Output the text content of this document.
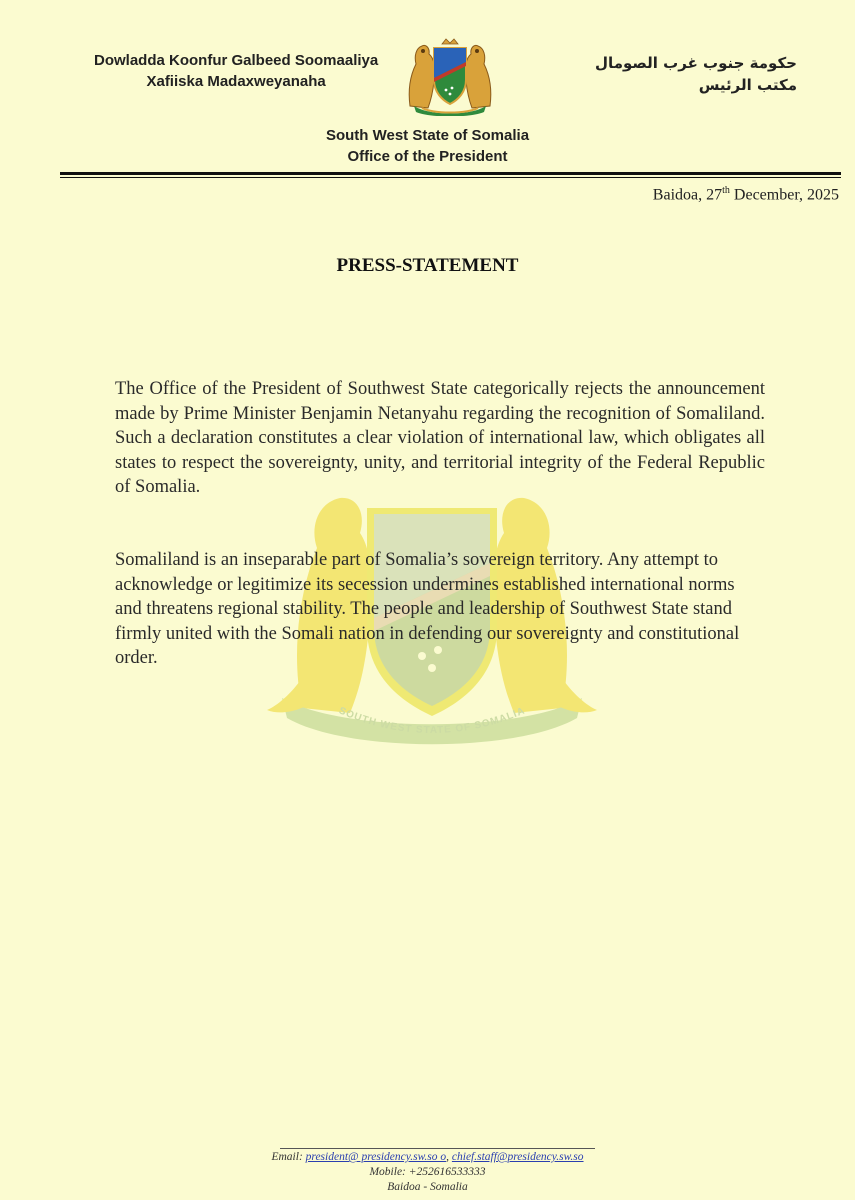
Dowladda Koonfur Galbeed Soomaaliya
Xafiiska Madaxweyanaha
حكومة جنوب غرب الصومال
مكتب الرئيس
South West State of Somalia
Office of the President
Baidoa, 27th December, 2025
SOUTH WEST STATE OF SOMALIA
PRESS-STATEMENT

The Office of the President of Southwest State categorically rejects the announcement made by Prime Minister Benjamin Netanyahu regarding the recognition of Somaliland. Such a declaration constitutes a clear violation of international law, which obligates all states to respect the sovereignty, unity, and territorial integrity of the Federal Republic of Somalia.

Somaliland is an inseparable part of Somalia’s sovereign territory. Any attempt to acknowledge or legitimize its secession undermines established international norms and threatens regional stability. The people and leadership of Southwest State stand firmly united with the Somali nation in defending our sovereignty and constitutional order.

Email: president@ presidency.sw.so o, chief.staff@presidency.sw.so
Mobile: +252616533333
Baidoa - Somalia
